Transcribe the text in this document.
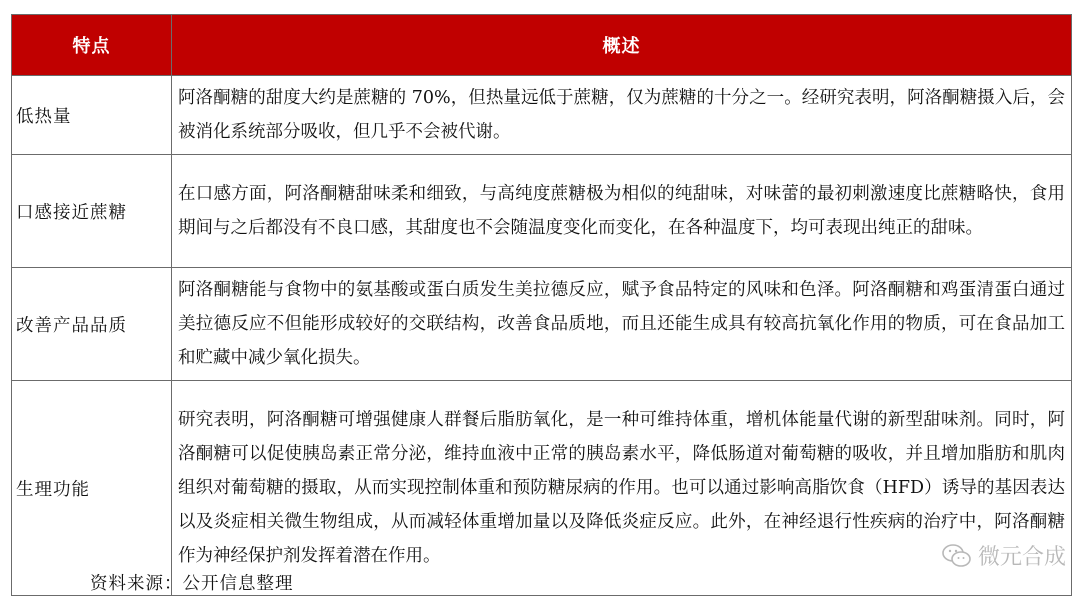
特点	概述
低热量	阿洛酮糖的甜度大约是蔗糖的 70%，但热量远低于蔗糖，仅为蔗糖的十分之一。经研究表明，阿洛酮糖摄入后，会被消化系统部分吸收，但几乎不会被代谢。
口感接近蔗糖	在口感方面，阿洛酮糖甜味柔和细致，与高纯度蔗糖极为相似的纯甜味，对味蕾的最初刺激速度比蔗糖略快，食用期间与之后都没有不良口感，其甜度也不会随温度变化而变化，在各种温度下，均可表现出纯正的甜味。
改善产品品质	阿洛酮糖能与食物中的氨基酸或蛋白质发生美拉德反应，赋予食品特定的风味和色泽。阿洛酮糖和鸡蛋清蛋白通过美拉德反应不但能形成较好的交联结构，改善食品质地，而且还能生成具有较高抗氧化作用的物质，可在食品加工和贮藏中减少氧化损失。
生理功能	研究表明，阿洛酮糖可增强健康人群餐后脂肪氧化，是一种可维持体重，增机体能量代谢的新型甜味剂。同时，阿洛酮糖可以促使胰岛素正常分泌，维持血液中正常的胰岛素水平，降低肠道对葡萄糖的吸收，并且增加脂肪和肌肉组织对葡萄糖的摄取，从而实现控制体重和预防糖尿病的作用。也可以通过影响高脂饮食（HFD）诱导的基因表达以及炎症相关微生物组成，从而减轻体重增加量以及降低炎症反应。此外，在神经退行性疾病的治疗中，阿洛酮糖作为神经保护剂发挥着潜在作用。
资料来源：公开信息整理
微元合成
